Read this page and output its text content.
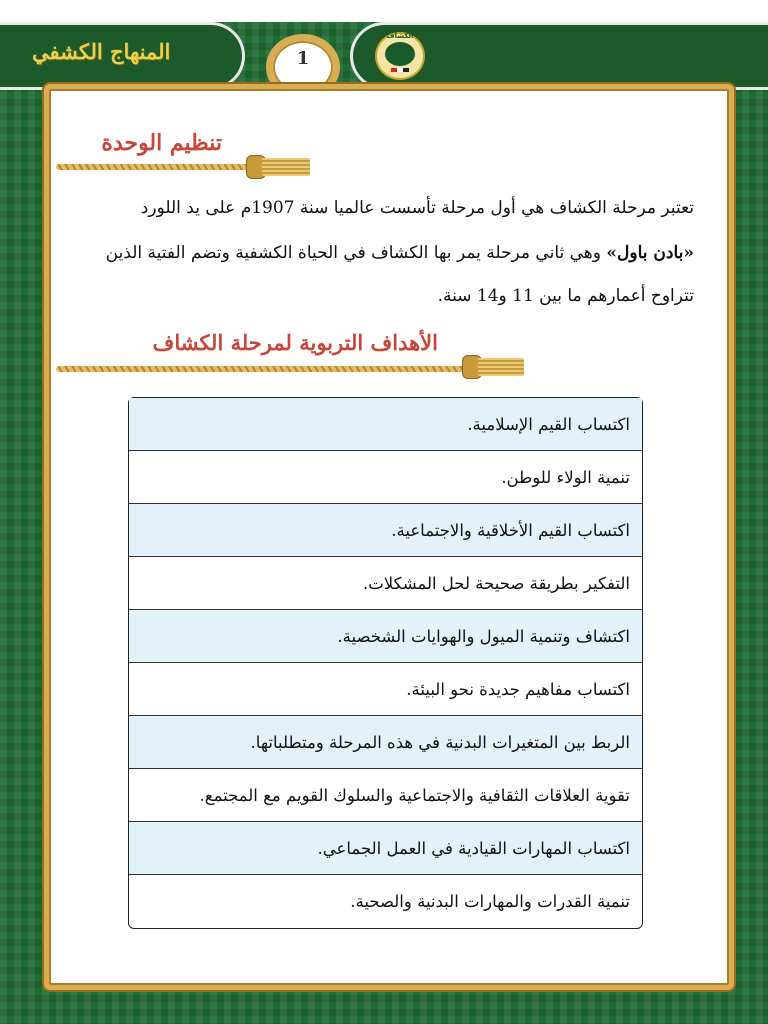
المنهاج الكشفي
الكشاف
1
تنظيم الوحدة
تعتبر مرحلة الكشاف هي أول مرحلة تأسست عالميا سنة 1907م على يد اللورد
«بادن باول» وهي ثاني مرحلة يمر بها الكشاف في الحياة الكشفية وتضم الفتية الذين
تتراوح أعمارهم ما بين 11 و14 سنة.
الأهداف التربوية لمرحلة الكشاف
اكتساب القيم الإسلامية.
تنمية الولاء للوطن.
اكتساب القيم الأخلاقية والاجتماعية.
التفكير بطريقة صحيحة لحل المشكلات.
اكتشاف وتنمية الميول والهوايات الشخصية.
اكتساب مفاهيم جديدة نحو البيئة.
الربط بين المتغيرات البدنية في هذه المرحلة ومتطلباتها.
تقوية العلاقات الثقافية والاجتماعية والسلوك القويم مع المجتمع.
اكتساب المهارات القيادية في العمل الجماعي.
تنمية القدرات والمهارات البدنية والصحية.
